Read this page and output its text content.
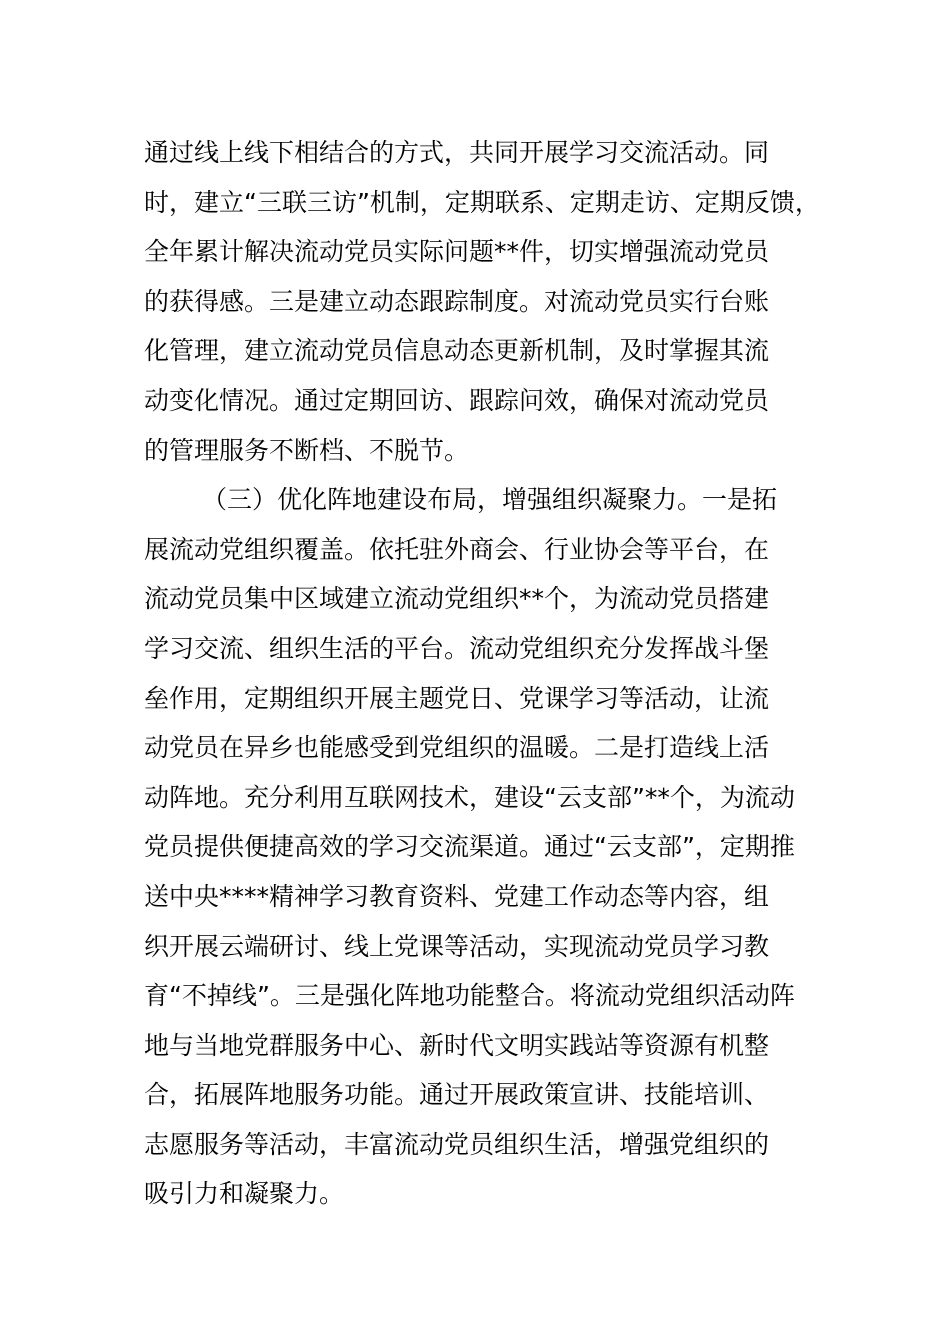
通过线上线下相结合的方式，共同开展学习交流活动。同
时，建立“三联三访”机制，定期联系、定期走访、定期反馈，
全年累计解决流动党员实际问题**件，切实增强流动党员
的获得感。三是建立动态跟踪制度。对流动党员实行台账
化管理，建立流动党员信息动态更新机制，及时掌握其流
动变化情况。通过定期回访、跟踪问效，确保对流动党员
的管理服务不断档、不脱节。
（三）优化阵地建设布局，增强组织凝聚力。一是拓
展流动党组织覆盖。依托驻外商会、行业协会等平台，在
流动党员集中区域建立流动党组织**个，为流动党员搭建
学习交流、组织生活的平台。流动党组织充分发挥战斗堡
垒作用，定期组织开展主题党日、党课学习等活动，让流
动党员在异乡也能感受到党组织的温暖。二是打造线上活
动阵地。充分利用互联网技术，建设“云支部”**个，为流动
党员提供便捷高效的学习交流渠道。通过“云支部”，定期推
送中央****精神学习教育资料、党建工作动态等内容，组
织开展云端研讨、线上党课等活动，实现流动党员学习教
育“不掉线”。三是强化阵地功能整合。将流动党组织活动阵
地与当地党群服务中心、新时代文明实践站等资源有机整
合，拓展阵地服务功能。通过开展政策宣讲、技能培训、
志愿服务等活动，丰富流动党员组织生活，增强党组织的
吸引力和凝聚力。
